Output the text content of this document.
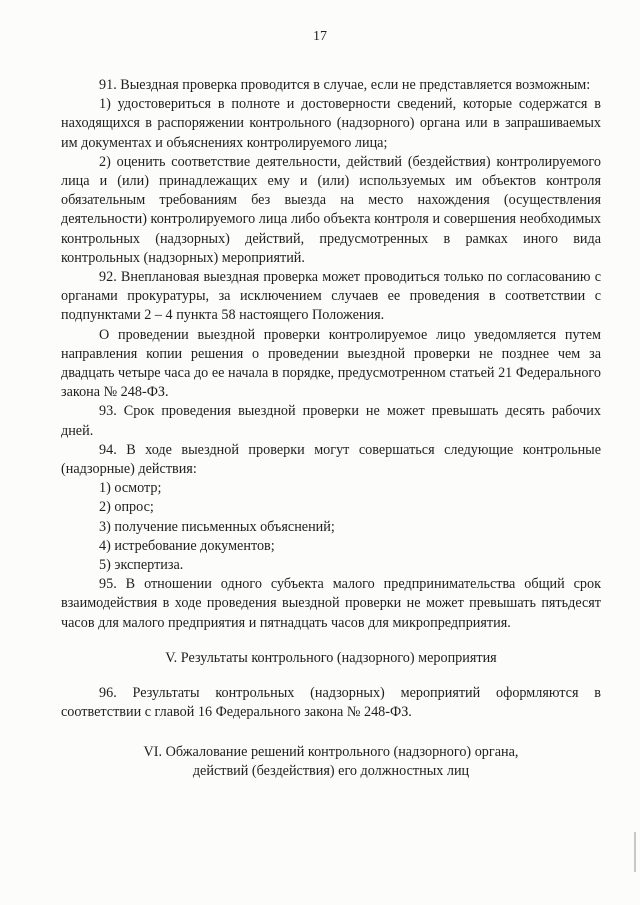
17

91. Выездная проверка проводится в случае, если не представляется возможным:

1) удостовериться в полноте и достоверности сведений, которые содержатся в находящихся в распоряжении контрольного (надзорного) органа или в запрашиваемых им документах и объяснениях контролируемого лица;

2) оценить соответствие деятельности, действий (бездействия) контролируемого лица и (или) принадлежащих ему и (или) используемых им объектов контроля обязательным требованиям без выезда на место нахождения (осуществления деятельности) контролируемого лица либо объекта контроля и совершения необходимых контрольных (надзорных) действий, предусмотренных в рамках иного вида контрольных (надзорных) мероприятий.

92. Внеплановая выездная проверка может проводиться только по согласованию с органами прокуратуры, за исключением случаев ее проведения в соответствии с подпунктами 2 – 4 пункта 58 настоящего Положения.

О проведении выездной проверки контролируемое лицо уведомляется путем направления копии решения о проведении выездной проверки не позднее чем за двадцать четыре часа до ее начала в порядке, предусмотренном статьей 21 Федерального закона № 248-ФЗ.

93. Срок проведения выездной проверки не может превышать десять рабочих дней.

94. В ходе выездной проверки могут совершаться следующие контрольные (надзорные) действия:

1) осмотр;

2) опрос;

3) получение письменных объяснений;

4) истребование документов;

5) экспертиза.

95. В отношении одного субъекта малого предпринимательства общий срок взаимодействия в ходе проведения выездной проверки не может превышать пятьдесят часов для малого предприятия и пятнадцать часов для микропредприятия.

V. Результаты контрольного (надзорного) мероприятия

96. Результаты контрольных (надзорных) мероприятий оформляются в соответствии с главой 16 Федерального закона № 248-ФЗ.

VI. Обжалование решений контрольного (надзорного) органа,
действий (бездействия) его должностных лиц
